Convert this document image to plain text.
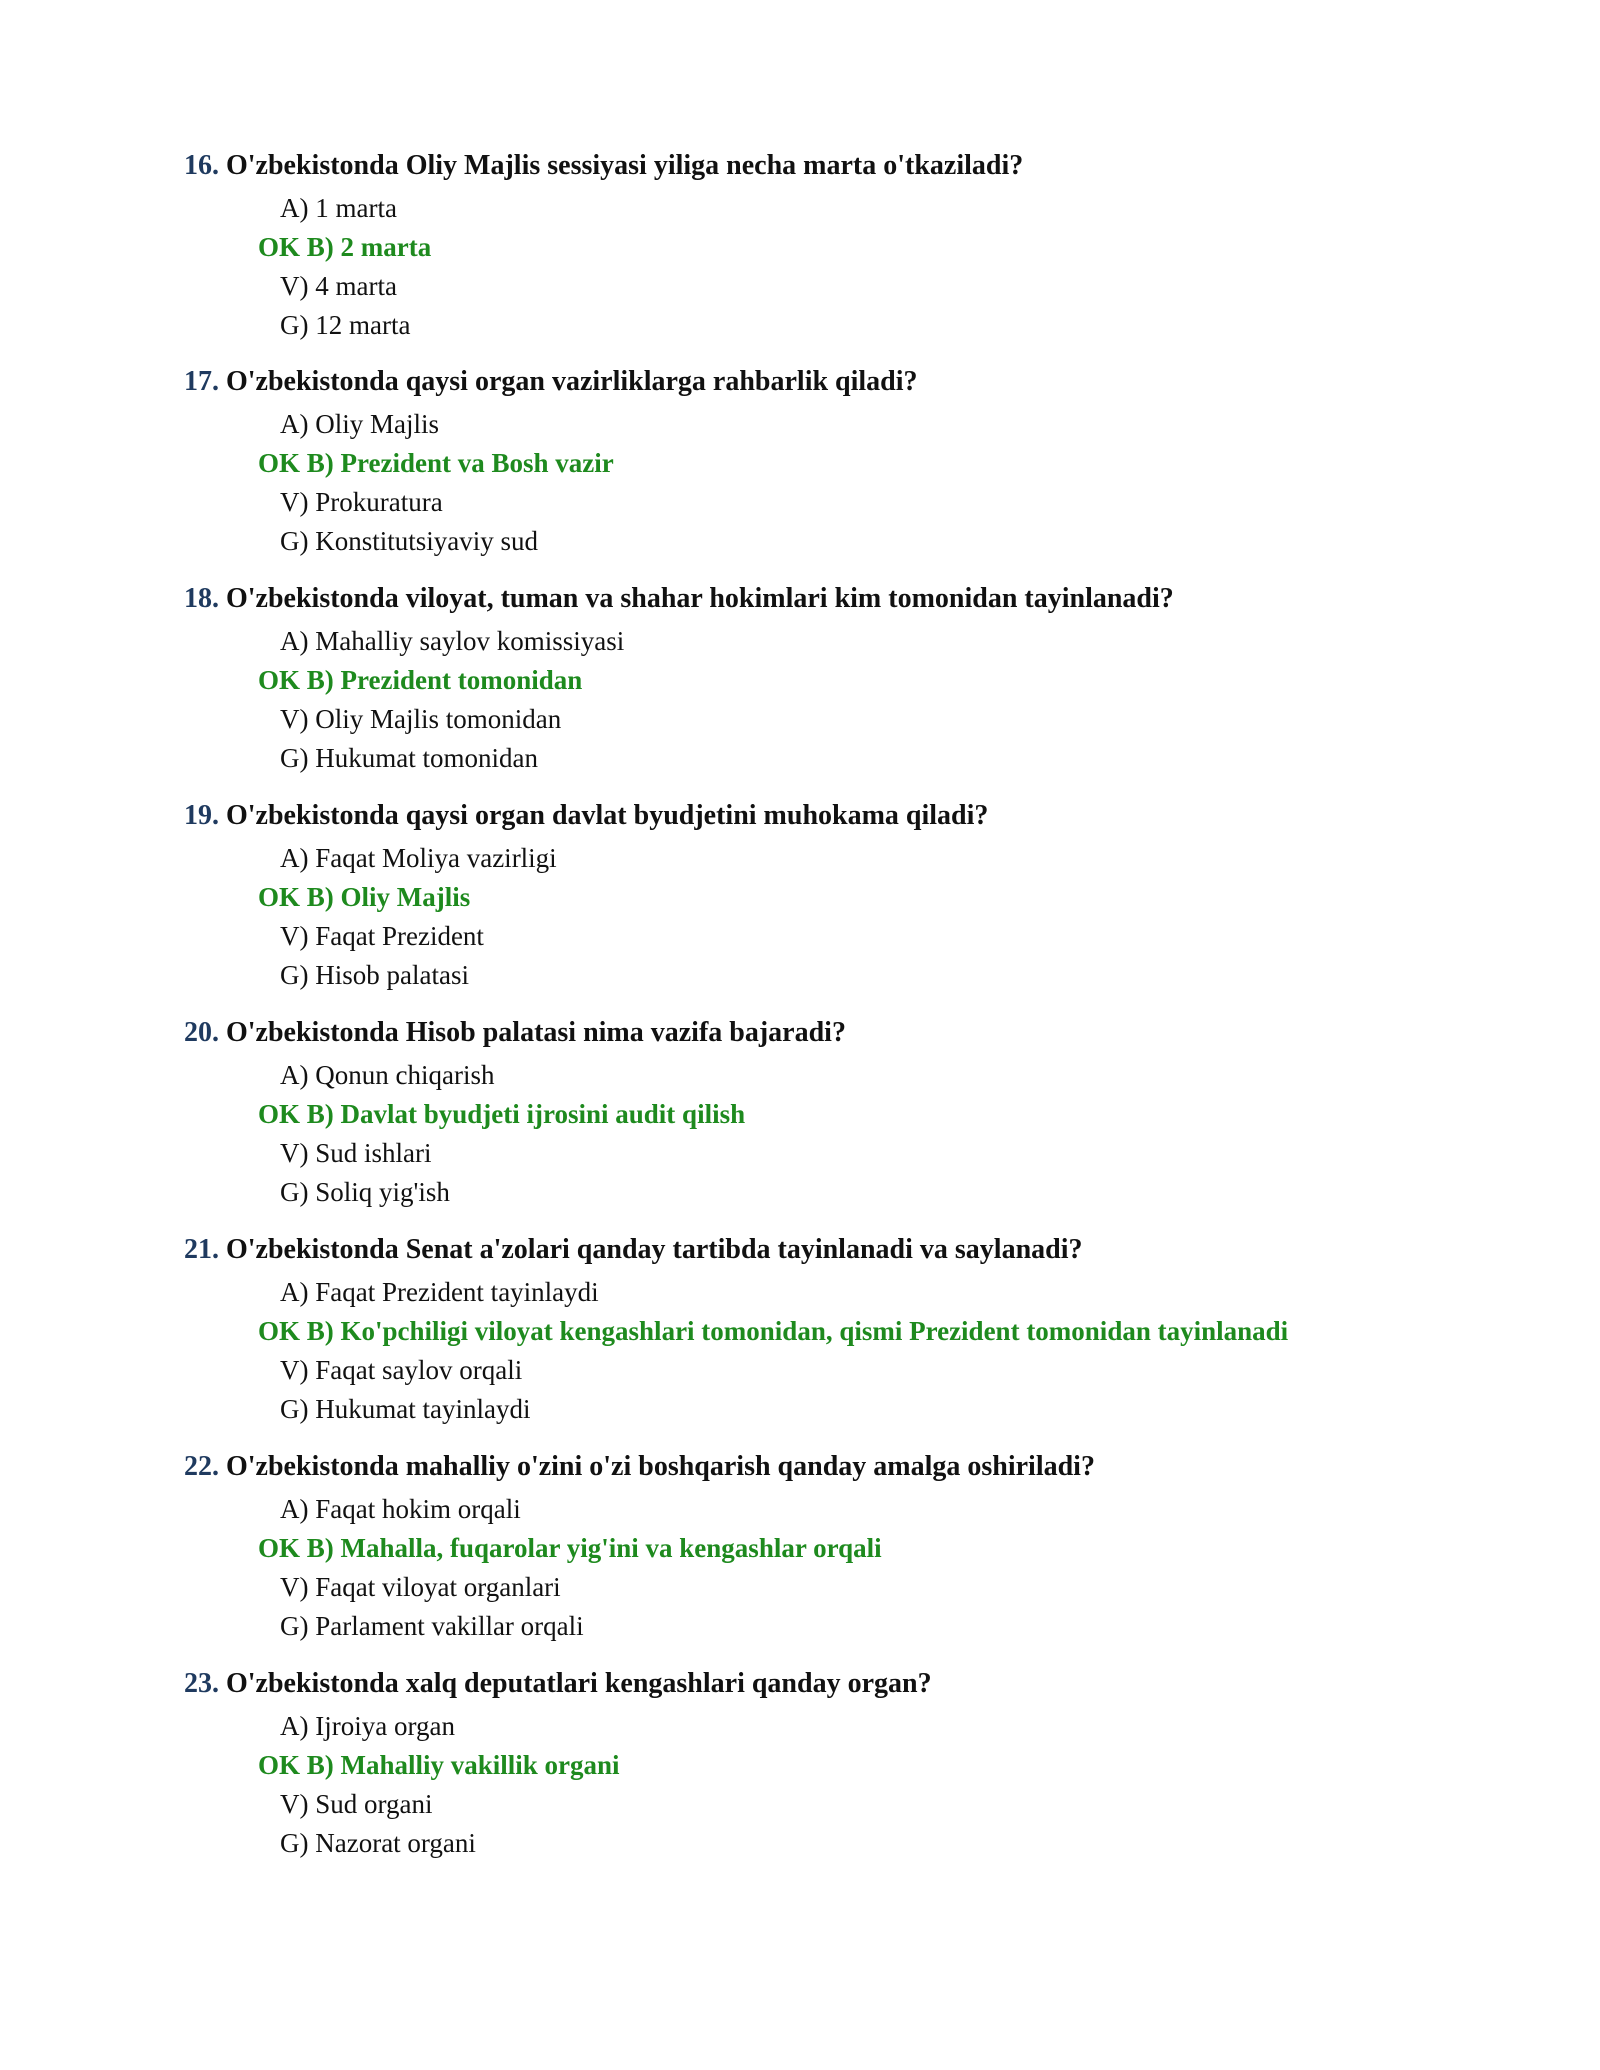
16. O'zbekistonda Oliy Majlis sessiyasi yiliga necha marta o'tkaziladi?
A) 1 marta
OK B) 2 marta
V) 4 marta
G) 12 marta
17. O'zbekistonda qaysi organ vazirliklarga rahbarlik qiladi?
A) Oliy Majlis
OK B) Prezident va Bosh vazir
V) Prokuratura
G) Konstitutsiyaviy sud
18. O'zbekistonda viloyat, tuman va shahar hokimlari kim tomonidan tayinlanadi?
A) Mahalliy saylov komissiyasi
OK B) Prezident tomonidan
V) Oliy Majlis tomonidan
G) Hukumat tomonidan
19. O'zbekistonda qaysi organ davlat byudjetini muhokama qiladi?
A) Faqat Moliya vazirligi
OK B) Oliy Majlis
V) Faqat Prezident
G) Hisob palatasi
20. O'zbekistonda Hisob palatasi nima vazifa bajaradi?
A) Qonun chiqarish
OK B) Davlat byudjeti ijrosini audit qilish
V) Sud ishlari
G) Soliq yig'ish
21. O'zbekistonda Senat a'zolari qanday tartibda tayinlanadi va saylanadi?
A) Faqat Prezident tayinlaydi
OK B) Ko'pchiligi viloyat kengashlari tomonidan, qismi Prezident tomonidan tayinlanadi
V) Faqat saylov orqali
G) Hukumat tayinlaydi
22. O'zbekistonda mahalliy o'zini o'zi boshqarish qanday amalga oshiriladi?
A) Faqat hokim orqali
OK B) Mahalla, fuqarolar yig'ini va kengashlar orqali
V) Faqat viloyat organlari
G) Parlament vakillar orqali
23. O'zbekistonda xalq deputatlari kengashlari qanday organ?
A) Ijroiya organ
OK B) Mahalliy vakillik organi
V) Sud organi
G) Nazorat organi
